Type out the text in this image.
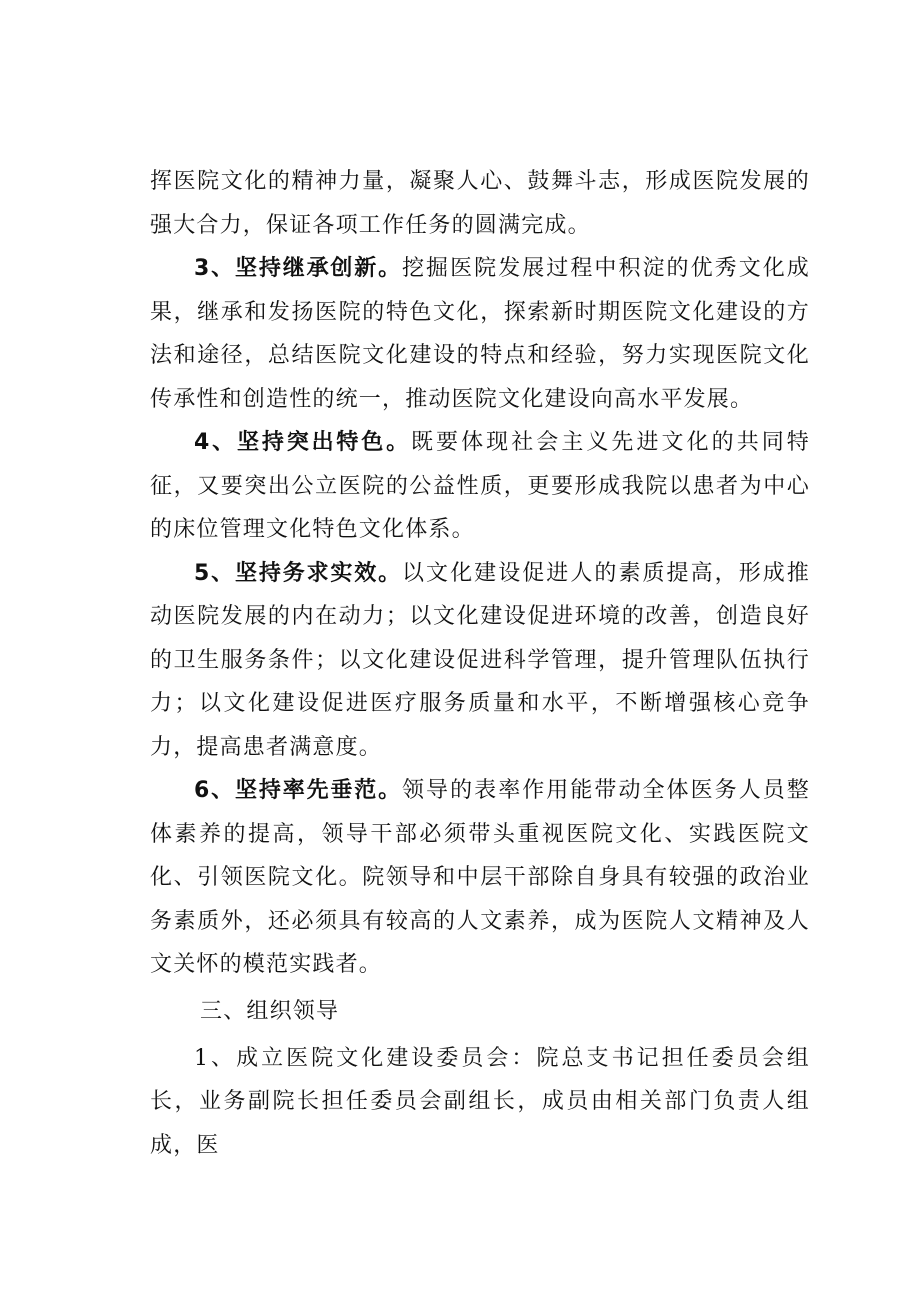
挥医院文化的精神力量，凝聚人心、鼓舞斗志，形成医院发展的强大合力，保证各项工作任务的圆满完成。

3、坚持继承创新。挖掘医院发展过程中积淀的优秀文化成果，继承和发扬医院的特色文化，探索新时期医院文化建设的方法和途径，总结医院文化建设的特点和经验，努力实现医院文化传承性和创造性的统一，推动医院文化建设向高水平发展。

4、坚持突出特色。既要体现社会主义先进文化的共同特征，又要突出公立医院的公益性质，更要形成我院以患者为中心的床位管理文化特色文化体系。

5、坚持务求实效。以文化建设促进人的素质提高，形成推动医院发展的内在动力；以文化建设促进环境的改善，创造良好的卫生服务条件；以文化建设促进科学管理，提升管理队伍执行力；以文化建设促进医疗服务质量和水平，不断增强核心竞争力，提高患者满意度。

6、坚持率先垂范。领导的表率作用能带动全体医务人员整体素养的提高，领导干部必须带头重视医院文化、实践医院文化、引领医院文化。院领导和中层干部除自身具有较强的政治业务素质外，还必须具有较高的人文素养，成为医院人文精神及人文关怀的模范实践者。

三、组织领导

1、成立医院文化建设委员会：院总支书记担任委员会组长，业务副院长担任委员会副组长，成员由相关部门负责人组成，医
